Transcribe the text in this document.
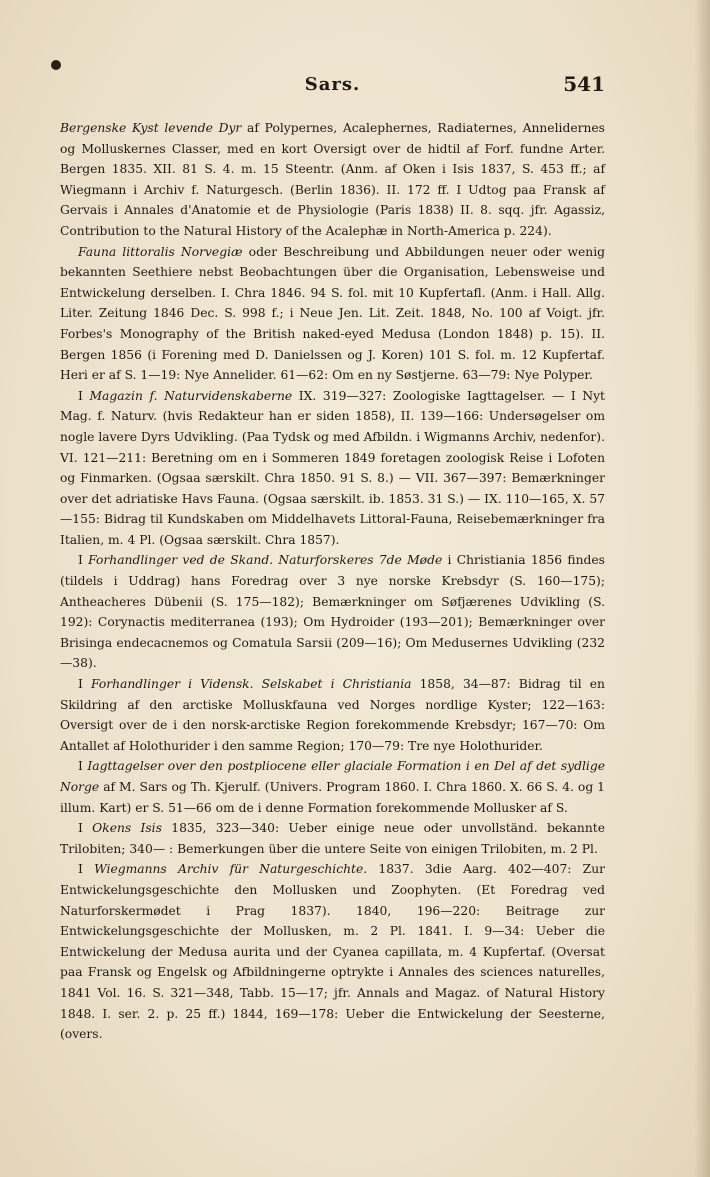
Sars.	541

Bergenske Kyst levende Dyr af Polypernes, Acalephernes, Radiaternes, Annelidernes og Molluskernes Classer, med en kort Oversigt over de hidtil af Forf. fundne Arter. Bergen 1835. XII. 81 S. 4. m. 15 Steentr. (Anm. af Oken i Isis 1837, S. 453 ff.; af Wiegmann i Archiv f. Naturgesch. (Berlin 1836). II. 172 ff. I Udtog paa Fransk af Gervais i Annales d'Anatomie et de Physiologie (Paris 1838) II. 8. sqq. jfr. Agassiz, Contribution to the Natural History of the Acalephæ in North-America p. 224).

Fauna littoralis Norvegiæ oder Beschreibung und Abbildungen neuer oder wenig bekannten Seethiere nebst Beobachtungen über die Organisation, Lebensweise und Entwickelung derselben. I. Chra 1846. 94 S. fol. mit 10 Kupfertafl. (Anm. i Hall. Allg. Liter. Zeitung 1846 Dec. S. 998 f.; i Neue Jen. Lit. Zeit. 1848, No. 100 af Voigt. jfr. Forbes's Monography of the British naked-eyed Medusa (London 1848) p. 15). II. Bergen 1856 (i Forening med D. Danielssen og J. Koren) 101 S. fol. m. 12 Kupfertaf. Heri er af S. 1—19: Nye Annelider. 61—62: Om en ny Søstjerne. 63—79: Nye Polyper.

I Magazin f. Naturvidenskaberne IX. 319—327: Zoologiske Iagttagelser. — I Nyt Mag. f. Naturv. (hvis Redakteur han er siden 1858), II. 139—166: Undersøgelser om nogle lavere Dyrs Udvikling. (Paa Tydsk og med Afbildn. i Wigmanns Archiv, nedenfor). VI. 121—211: Beretning om en i Sommeren 1849 foretagen zoologisk Reise i Lofoten og Finmarken. (Ogsaa særskilt. Chra 1850. 91 S. 8.) — VII. 367—397: Bemærkninger over det adriatiske Havs Fauna. (Ogsaa særskilt. ib. 1853. 31 S.) — IX. 110—165, X. 57—155: Bidrag til Kundskaben om Middelhavets Littoral-Fauna, Reisebemærkninger fra Italien, m. 4 Pl. (Ogsaa særskilt. Chra 1857).

I Forhandlinger ved de Skand. Naturforskeres 7de Møde i Christiania 1856 findes (tildels i Uddrag) hans Foredrag over 3 nye norske Krebsdyr (S. 160—175); Antheacheres Dübenii (S. 175—182); Bemærkninger om Søfjærenes Udvikling (S. 192): Corynactis mediterranea (193); Om Hydroider (193—201); Bemærkninger over Brisinga endecacnemos og Comatula Sarsii (209—16); Om Medusernes Udvikling (232—38).

I Forhandlinger i Vidensk. Selskabet i Christiania 1858, 34—87: Bidrag til en Skildring af den arctiske Molluskfauna ved Norges nordlige Kyster; 122—163: Oversigt over de i den norsk-arctiske Region forekommende Krebsdyr; 167—70: Om Antallet af Holothurider i den samme Region; 170—79: Tre nye Holothurider.

I Iagttagelser over den postpliocene eller glaciale Formation i en Del af det sydlige Norge af M. Sars og Th. Kjerulf. (Univers. Program 1860. I. Chra 1860. X. 66 S. 4. og 1 illum. Kart) er S. 51—66 om de i denne Formation forekommende Mollusker af S.

I Okens Isis 1835, 323—340: Ueber einige neue oder unvollständ. bekannte Trilobiten; 340— : Bemerkungen über die untere Seite von einigen Trilobiten, m. 2 Pl.

I Wiegmanns Archiv für Naturgeschichte. 1837. 3die Aarg. 402—407: Zur Entwickelungsgeschichte den Mollusken und Zoophyten. (Et Foredrag ved Naturforskermødet i Prag 1837). 1840, 196—220: Beitrage zur Entwickelungsgeschichte der Mollusken, m. 2 Pl. 1841. I. 9—34: Ueber die Entwickelung der Medusa aurita und der Cyanea capillata, m. 4 Kupfertaf. (Oversat paa Fransk og Engelsk og Afbildningerne optrykte i Annales des sciences naturelles, 1841 Vol. 16. S. 321—348, Tabb. 15—17; jfr. Annals and Magaz. of Natural History 1848. I. ser. 2. p. 25 ff.) 1844, 169—178: Ueber die Entwickelung der Seesterne, (overs.
